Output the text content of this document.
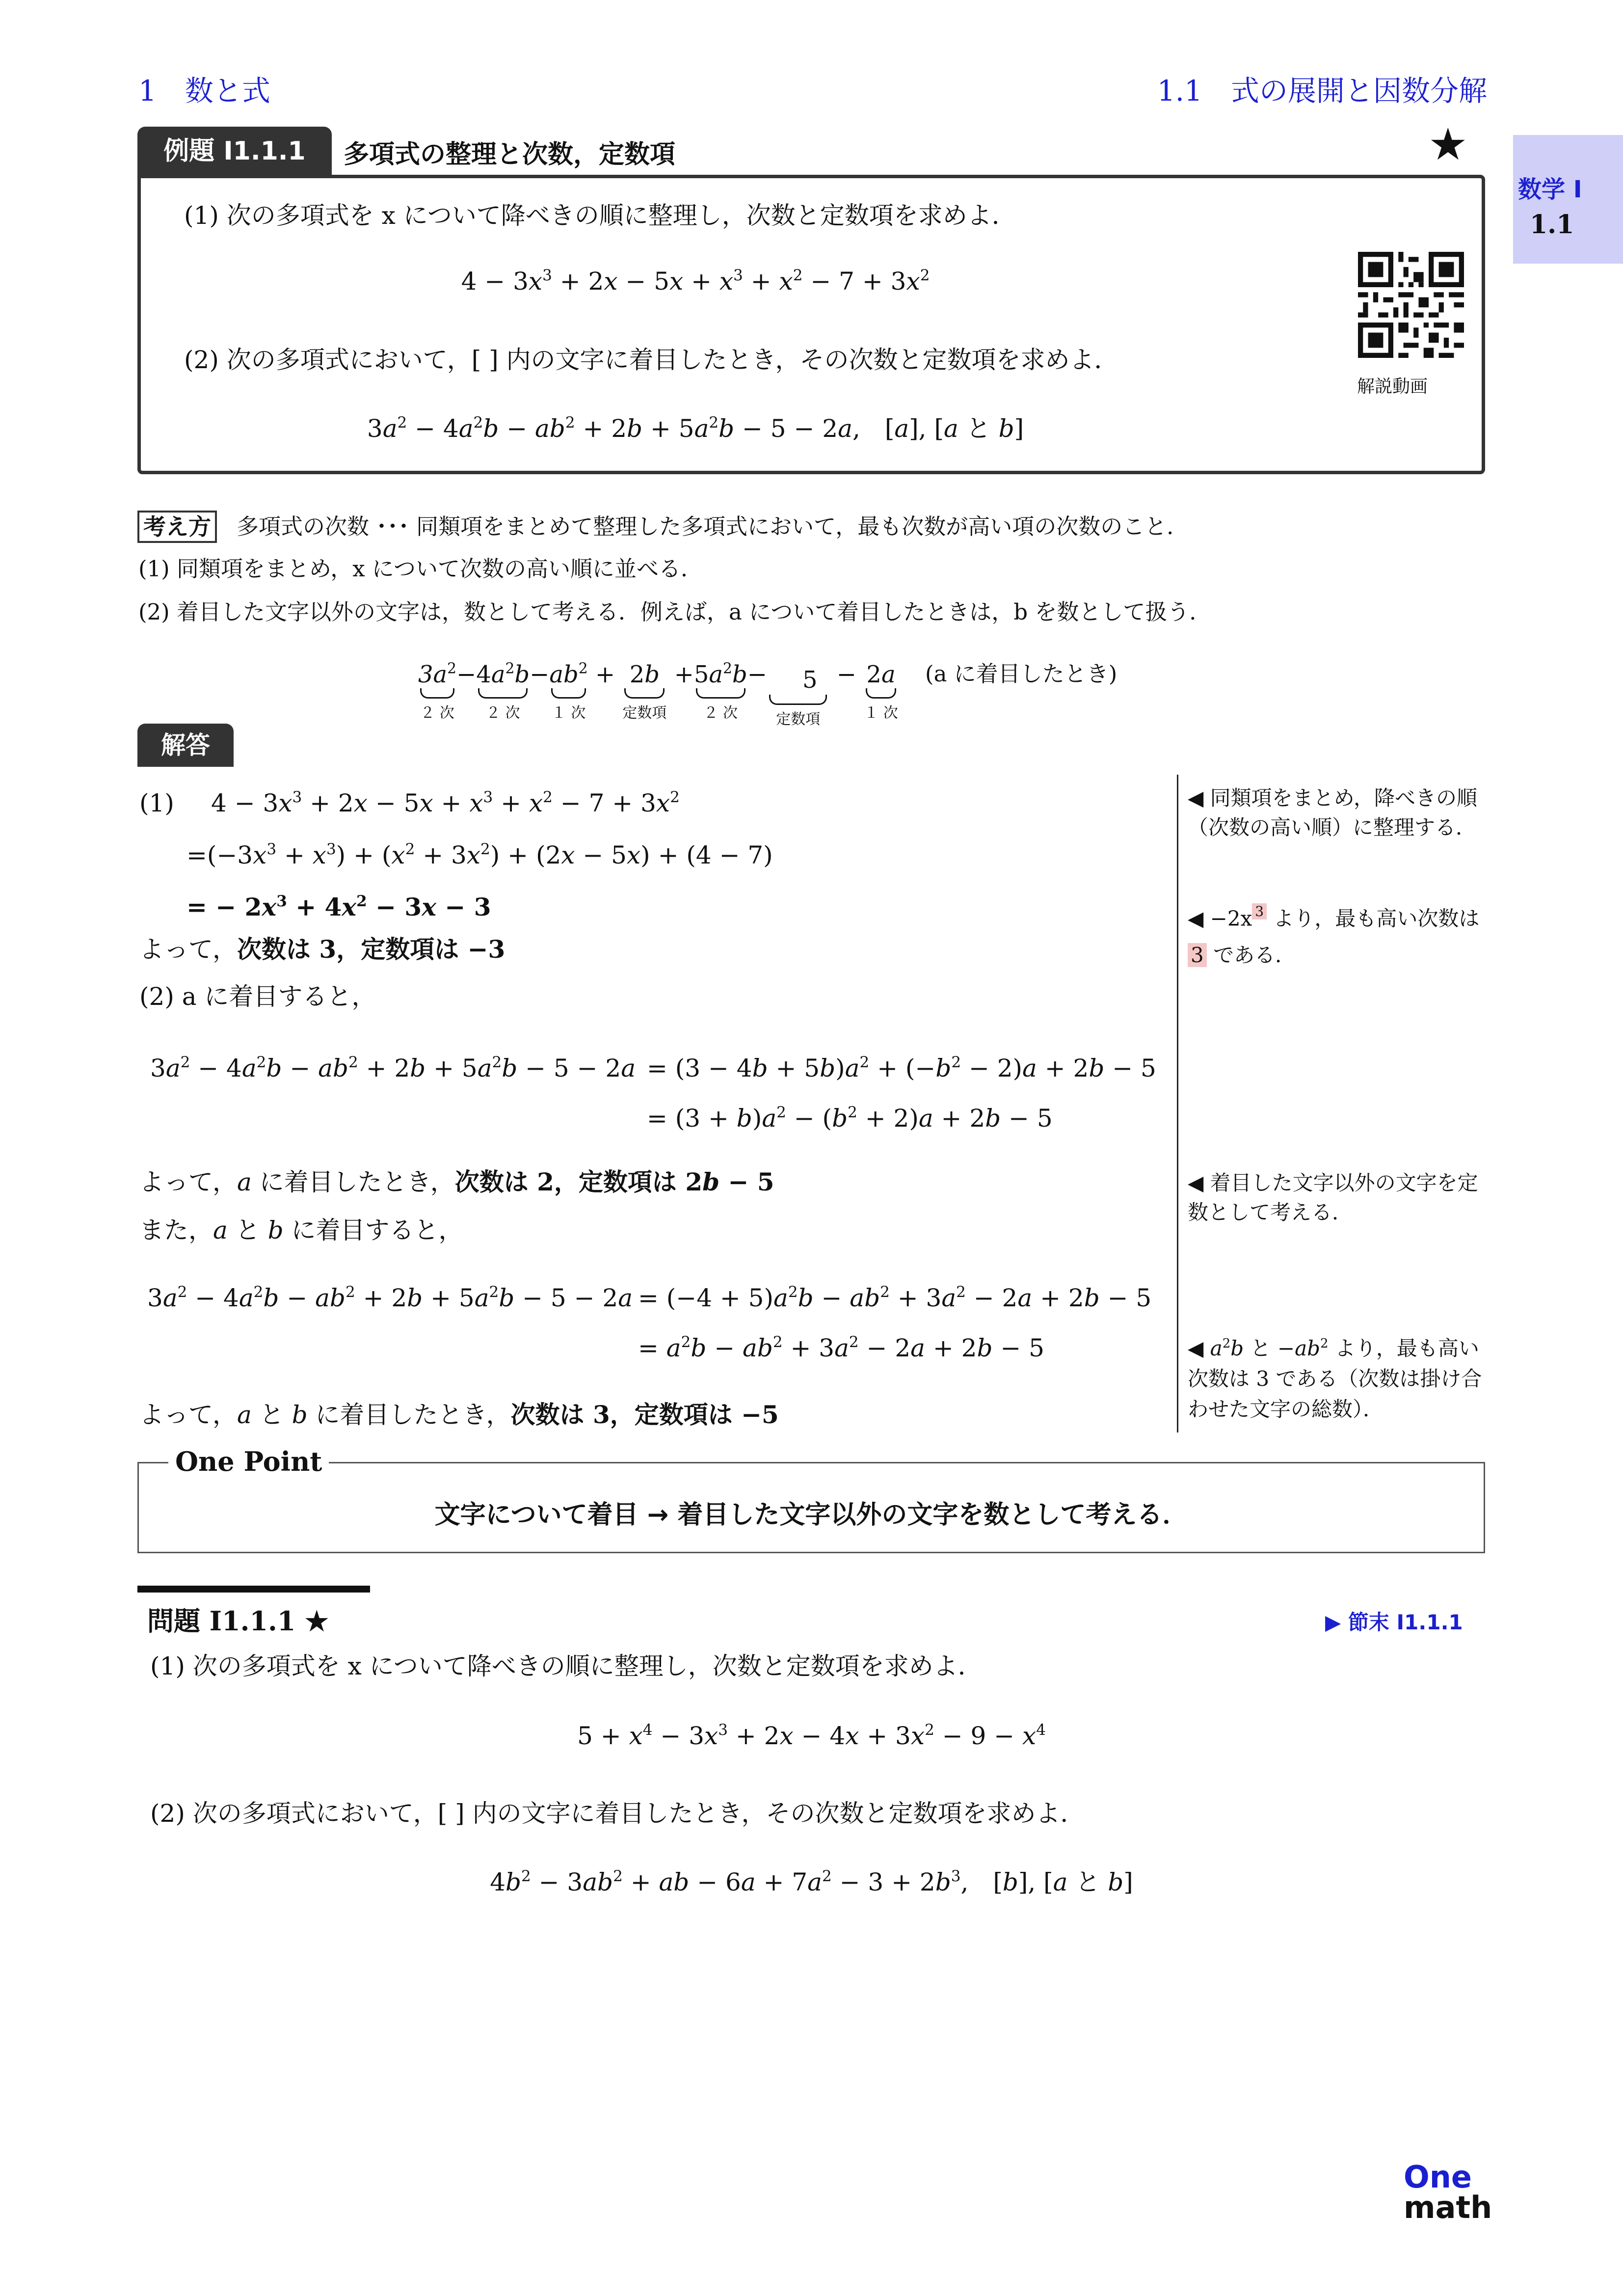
1　数と式	1.1　式の展開と因数分解
数学 I
1.1
例題 I1.1.1	多項式の整理と次数，定数項	★
(1) 次の多項式を x について降べきの順に整理し，次数と定数項を求めよ．
$4 - 3x^3 + 2x - 5x + x^3 + x^2 - 7 + 3x^2$
(2) 次の多項式において，[ ] 内の文字に着目したとき，その次数と定数項を求めよ．
$3a^2 - 4a^2b - ab^2 + 2b + 5a^2b - 5 - 2a$,　[a], [a と b]
解説動画
考え方 多項式の次数 ･･･ 同類項をまとめて整理した多項式において，最も次数が高い項の次数のこと．
(1) 同類項をまとめ，x について次数の高い順に並べる．
(2) 着目した文字以外の文字は，数として考える．例えば，a について着目したときは，b を数として扱う．
$3a^2$
２ 次
$-4a^2b$
２ 次
$-ab^2$
１ 次
+ 2b
定数項
$+5a^2b$
２ 次
−　5　
定数項
− 2a
１ 次
(a に着目したとき)
解答
(1) $4 - 3x^3 + 2x - 5x + x^3 + x^2 - 7 + 3x^2$
$=(-3x^3 + x^3) + (x^2 + 3x^2) + (2x - 5x) + (4 - 7)$
= − $2x^3 + 4x^2 - 3x - 3$
よって，次数は 3，定数項は −3
(2) a に着目すると，
$3a^2 - 4a^2b - ab^2 + 2b + 5a^2b - 5 - 2a = (3 - 4b + 5b)a^2 + (-b^2 - 2)a + 2b - 5$
= $(3 + b)a^2 - (b^2 + 2)a + 2b - 5$
よって，a に着目したとき，次数は 2，定数項は 2b − 5
また，a と b に着目すると，
$3a^2 - 4a^2b - ab^2 + 2b + 5a^2b - 5 - 2a = (-4 + 5)a^2b - ab^2 + 3a^2 - 2a + 2b - 5$
= $a^2b - ab^2 + 3a^2 - 2a + 2b - 5$
よって，a と b に着目したとき，次数は 3，定数項は −5
◀ 同類項をまとめ，降べきの順（次数の高い順）に整理する．
◀ −2x $^3$ より，最も高い次数は 3 である．
◀ 着目した文字以外の文字を定数として考える．
◀ $a^2b$ と $-ab^2$ より，最も高い次数は 3 である（次数は掛け合わせた文字の総数）．
One Point
文字について着目 → 着目した文字以外の文字を数として考える．
問題 I1.1.1 ★	▶ 節末 I1.1.1
(1) 次の多項式を x について降べきの順に整理し，次数と定数項を求めよ．
$5 + x^4 - 3x^3 + 2x - 4x + 3x^2 - 9 - x^4$
(2) 次の多項式において，[ ] 内の文字に着目したとき，その次数と定数項を求めよ．
$4b^2 - 3ab^2$ + ab − $6a + 7a^2 - 3 + 2b^3$,　[b], [a と b]
One
math
